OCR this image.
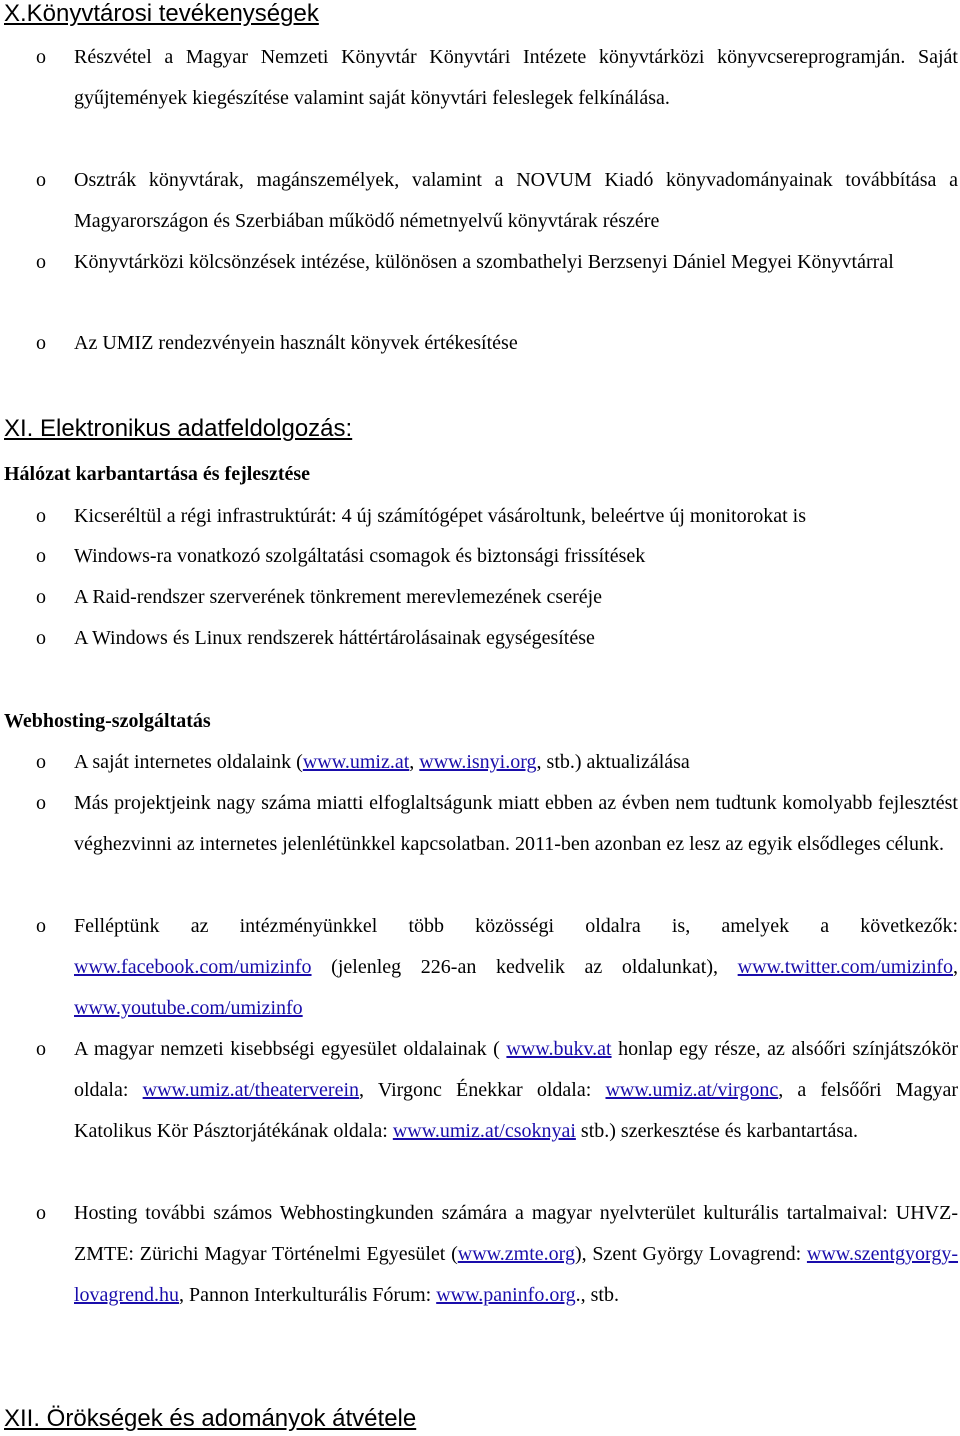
X.Könyvtárosi tevékenységek
o Részvétel a Magyar Nemzeti Könyvtár Könyvtári Intézete könyvtárközi könyvcsereprogramján. Saját gyűjtemények kiegészítése valamint saját könyvtári feleslegek felkínálása.
o Osztrák könyvtárak, magánszemélyek, valamint a NOVUM Kiadó könyvadományainak továbbítása a Magyarországon és Szerbiában működő németnyelvű könyvtárak részére
o Könyvtárközi kölcsönzések intézése, különösen a szombathelyi Berzsenyi Dániel Megyei Könyvtárral
o Az UMIZ rendezvényein használt könyvek értékesítése
XI. Elektronikus adatfeldolgozás:
Hálózat karbantartása és fejlesztése
o Kicseréltül a régi infrastruktúrát: 4 új számítógépet vásároltunk, beleértve új monitorokat is
o Windows-ra vonatkozó szolgáltatási csomagok és biztonsági frissítések
o A Raid-rendszer szerverének tönkrement merevlemezének cseréje
o A Windows és Linux rendszerek háttértárolásainak egységesítése
Webhosting-szolgáltatás
o A saját internetes oldalaink (www.umiz.at, www.isnyi.org, stb.) aktualizálása
o Más projektjeink nagy száma miatti elfoglaltságunk miatt ebben az évben nem tudtunk komolyabb fejlesztést véghezvinni az internetes jelenlétünkkel kapcsolatban. 2011-ben azonban ez lesz az egyik elsődleges célunk.
o Felléptünk az intézményünkkel több közösségi oldalra is, amelyek a következők: www.facebook.com/umizinfo (jelenleg 226-an kedvelik az oldalunkat), www.twitter.com/umizinfo, www.youtube.com/umizinfo
o A magyar nemzeti kisebbségi egyesület oldalainak ( www.bukv.at honlap egy része, az alsóőri színjátszókör oldala: www.umiz.at/theaterverein, Virgonc Énekkar oldala: www.umiz.at/virgonc, a felsőőri Magyar Katolikus Kör Pásztorjátékának oldala: www.umiz.at/csoknyai stb.) szerkesztése és karbantartása.
o Hosting további számos Webhostingkunden számára a magyar nyelvterület kulturális tartalmaival: UHVZ-ZMTE: Zürichi Magyar Történelmi Egyesület (www.zmte.org), Szent György Lovagrend: www.szentgyorgy-lovagrend.hu, Pannon Interkulturális Fórum: www.paninfo.org., stb.
XII. Örökségek és adományok átvétele
